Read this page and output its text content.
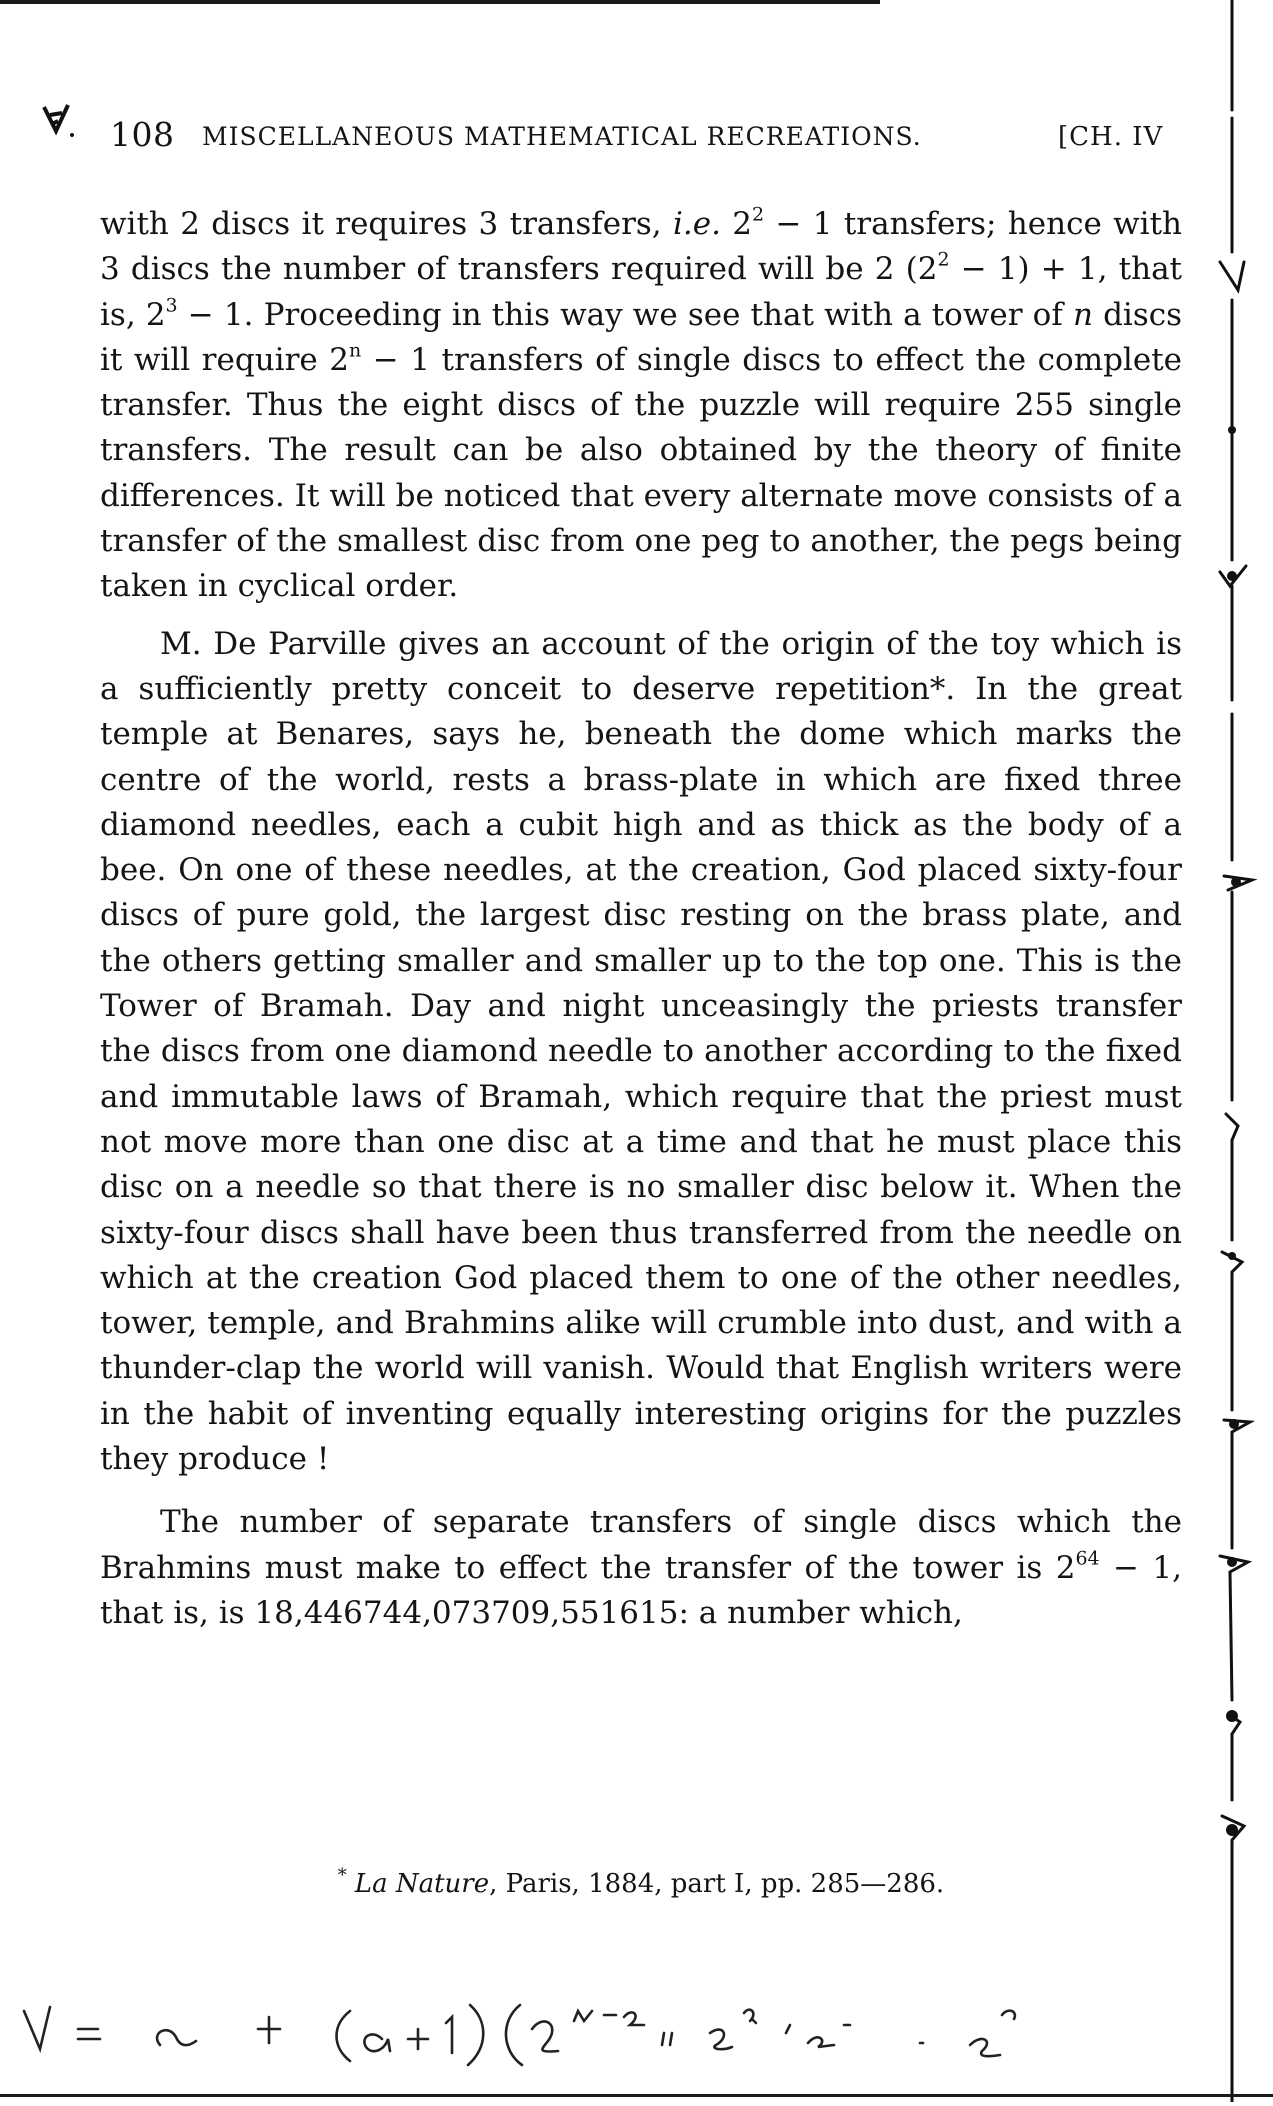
108 MISCELLANEOUS MATHEMATICAL RECREATIONS.	[CH. IV

with 2 discs it requires 3 transfers, i.e. $2^2 - 1$ transfers; hence with 3 discs the number of transfers required will be 2 $(2^2 - 1) + 1$, that is, $2^3 - 1$. Proceeding in this way we see that with a tower of n discs it will require $2^n - 1$ transfers of single discs to effect the complete transfer. Thus the eight discs of the puzzle will require 255 single transfers. The result can be also obtained by the theory of finite differences. It will be noticed that every alternate move consists of a transfer of the smallest disc from one peg to another, the pegs being taken in cyclical order.

M. De Parville gives an account of the origin of the toy which is a sufficiently pretty conceit to deserve repetition*. In the great temple at Benares, says he, beneath the dome which marks the centre of the world, rests a brass-plate in which are fixed three diamond needles, each a cubit high and as thick as the body of a bee. On one of these needles, at the creation, God placed sixty-four discs of pure gold, the largest disc resting on the brass plate, and the others getting smaller and smaller up to the top one. This is the Tower of Bramah. Day and night unceasingly the priests transfer the discs from one diamond needle to another according to the fixed and immutable laws of Bramah, which require that the priest must not move more than one disc at a time and that he must place this disc on a needle so that there is no smaller disc below it. When the sixty-four discs shall have been thus transferred from the needle on which at the creation God placed them to one of the other needles, tower, temple, and Brahmins alike will crumble into dust, and with a thunder-clap the world will vanish. Would that English writers were in the habit of inventing equally interesting origins for the puzzles they produce !

The number of separate transfers of single discs which the Brahmins must make to effect the transfer of the tower is $2^{64} - 1$, that is, is 18,446744,073709,551615: a number which,

* La Nature, Paris, 1884, part I, pp. 285—286.
